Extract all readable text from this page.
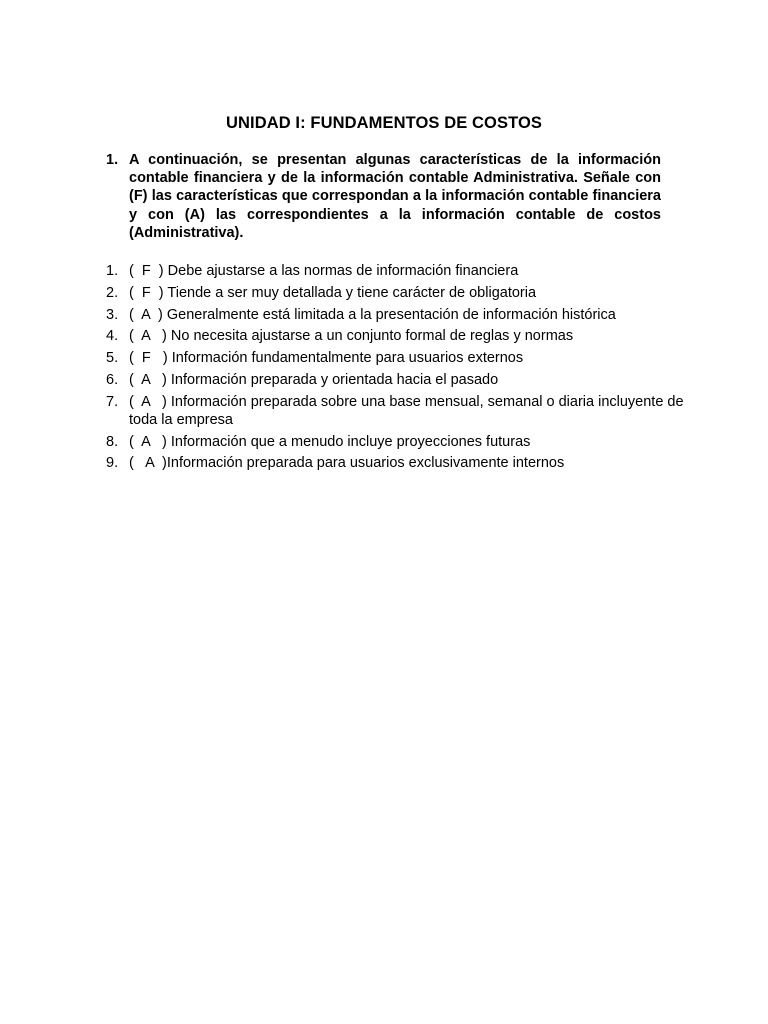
UNIDAD I: FUNDAMENTOS DE COSTOS
1. A continuación, se presentan algunas características de la información contable financiera y de la información contable Administrativa. Señale con (F) las características que correspondan a la información contable financiera y con (A) las correspondientes a la información contable de costos (Administrativa).
1. (  F  ) Debe ajustarse a las normas de información financiera
2. (  F  ) Tiende a ser muy detallada y tiene carácter de obligatoria
3. (  A  ) Generalmente está limitada a la presentación de información histórica
4. (  A   ) No necesita ajustarse a un conjunto formal de reglas y normas
5. (  F   ) Información fundamentalmente para usuarios externos
6. (  A   ) Información preparada y orientada hacia el pasado
7. (  A   ) Información preparada sobre una base mensual, semanal o diaria incluyente de toda la empresa
8. (  A   ) Información que a menudo incluye proyecciones futuras
9. (   A  )Información preparada para usuarios exclusivamente internos
